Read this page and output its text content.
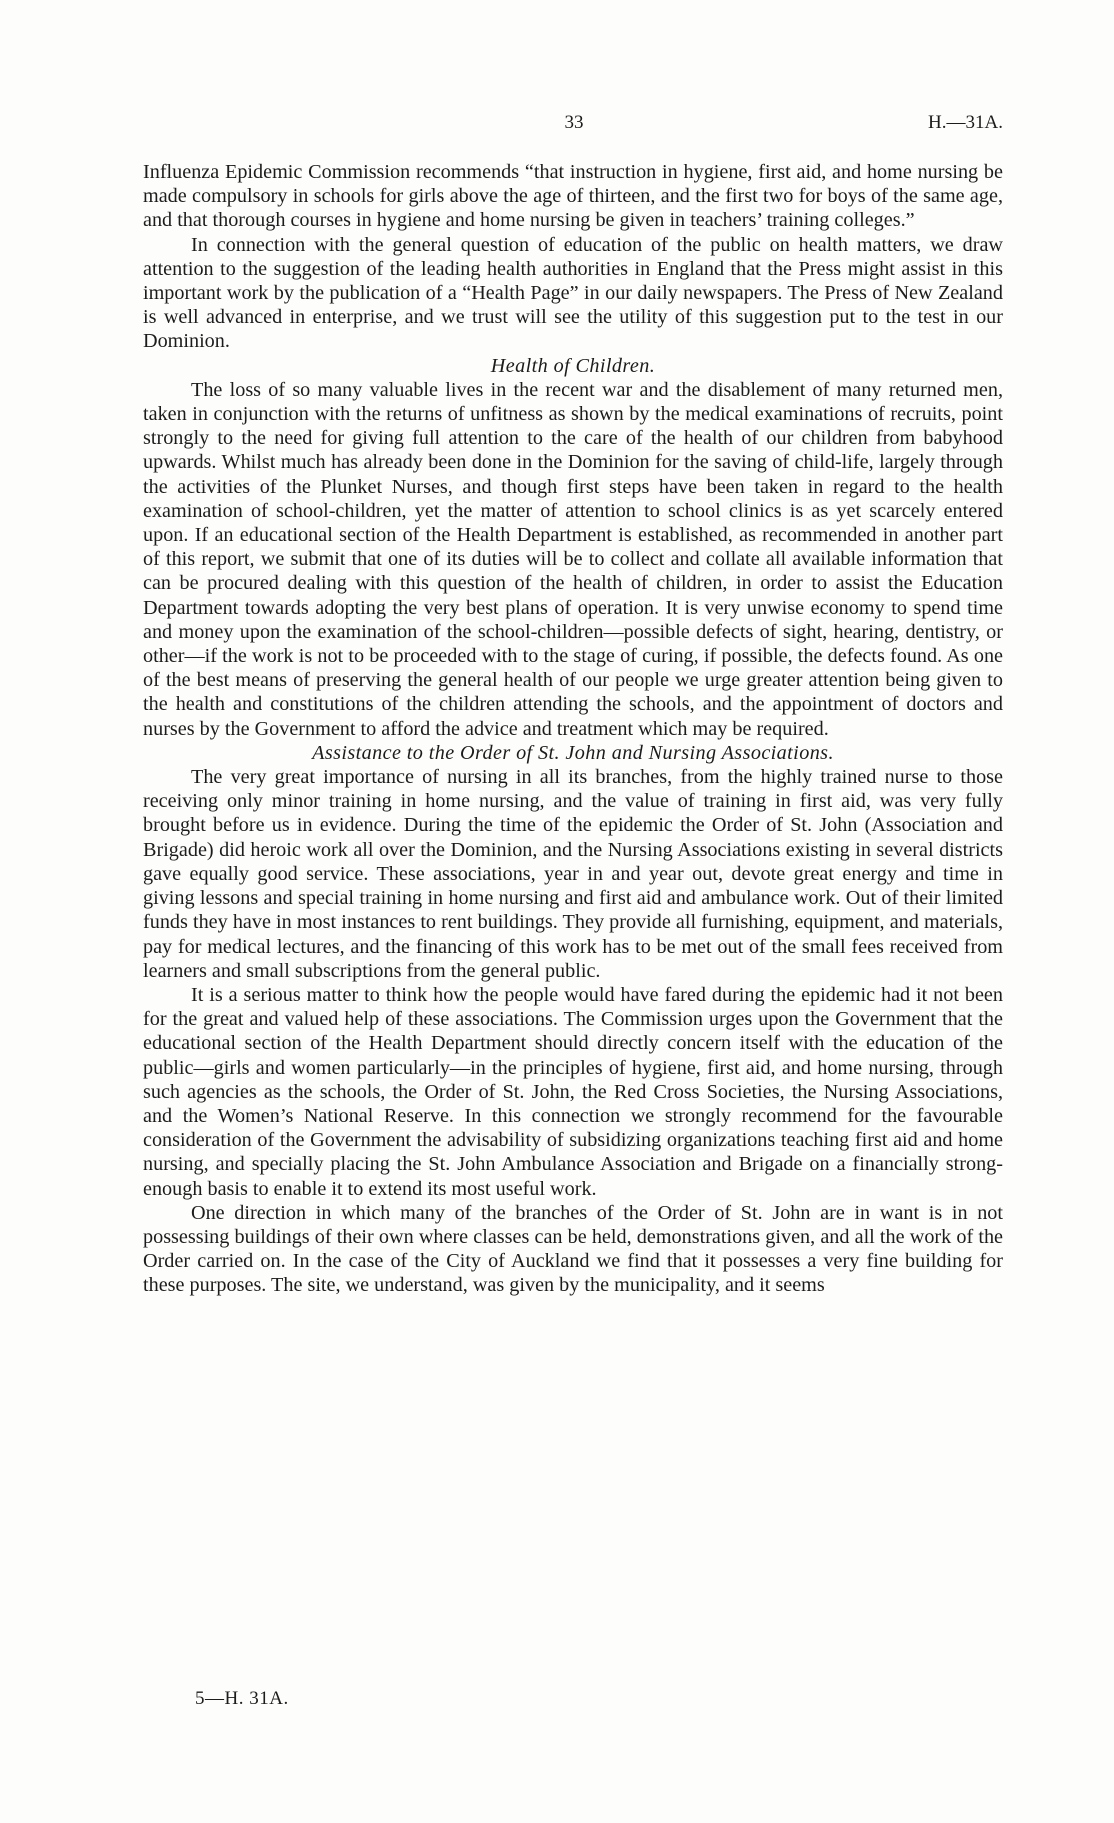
33	H.—31A.

Influenza Epidemic Commission recommends “that instruction in hygiene, first aid, and home nursing be made compulsory in schools for girls above the age of thirteen, and the first two for boys of the same age, and that thorough courses in hygiene and home nursing be given in teachers’ training colleges.”

In connection with the general question of education of the public on health matters, we draw attention to the suggestion of the leading health authorities in England that the Press might assist in this important work by the publication of a “Health Page” in our daily newspapers. The Press of New Zealand is well advanced in enterprise, and we trust will see the utility of this suggestion put to the test in our Dominion.

Health of Children.

The loss of so many valuable lives in the recent war and the disablement of many returned men, taken in conjunction with the returns of unfitness as shown by the medical examinations of recruits, point strongly to the need for giving full attention to the care of the health of our children from babyhood upwards. Whilst much has already been done in the Dominion for the saving of child-life, largely through the activities of the Plunket Nurses, and though first steps have been taken in regard to the health examination of school-children, yet the matter of attention to school clinics is as yet scarcely entered upon. If an educational section of the Health Department is established, as recommended in another part of this report, we submit that one of its duties will be to collect and collate all available information that can be procured dealing with this question of the health of children, in order to assist the Education Department towards adopting the very best plans of operation. It is very unwise economy to spend time and money upon the examination of the school-children—possible defects of sight, hearing, dentistry, or other—if the work is not to be proceeded with to the stage of curing, if possible, the defects found. As one of the best means of preserving the general health of our people we urge greater attention being given to the health and constitutions of the children attending the schools, and the appointment of doctors and nurses by the Government to afford the advice and treatment which may be required.

Assistance to the Order of St. John and Nursing Associations.

The very great importance of nursing in all its branches, from the highly trained nurse to those receiving only minor training in home nursing, and the value of training in first aid, was very fully brought before us in evidence. During the time of the epidemic the Order of St. John (Association and Brigade) did heroic work all over the Dominion, and the Nursing Associations existing in several districts gave equally good service. These associations, year in and year out, devote great energy and time in giving lessons and special training in home nursing and first aid and ambulance work. Out of their limited funds they have in most instances to rent buildings. They provide all furnishing, equipment, and materials, pay for medical lectures, and the financing of this work has to be met out of the small fees received from learners and small subscriptions from the general public.

It is a serious matter to think how the people would have fared during the epidemic had it not been for the great and valued help of these associations. The Commission urges upon the Government that the educational section of the Health Department should directly concern itself with the education of the public—girls and women particularly—in the principles of hygiene, first aid, and home nursing, through such agencies as the schools, the Order of St. John, the Red Cross Societies, the Nursing Associations, and the Women’s National Reserve. In this connection we strongly recommend for the favourable consideration of the Government the advisability of subsidizing organizations teaching first aid and home nursing, and specially placing the St. John Ambulance Association and Brigade on a financially strong-enough basis to enable it to extend its most useful work.

One direction in which many of the branches of the Order of St. John are in want is in not possessing buildings of their own where classes can be held, demonstrations given, and all the work of the Order carried on. In the case of the City of Auckland we find that it possesses a very fine building for these purposes. The site, we understand, was given by the municipality, and it seems

5—H. 31A.
